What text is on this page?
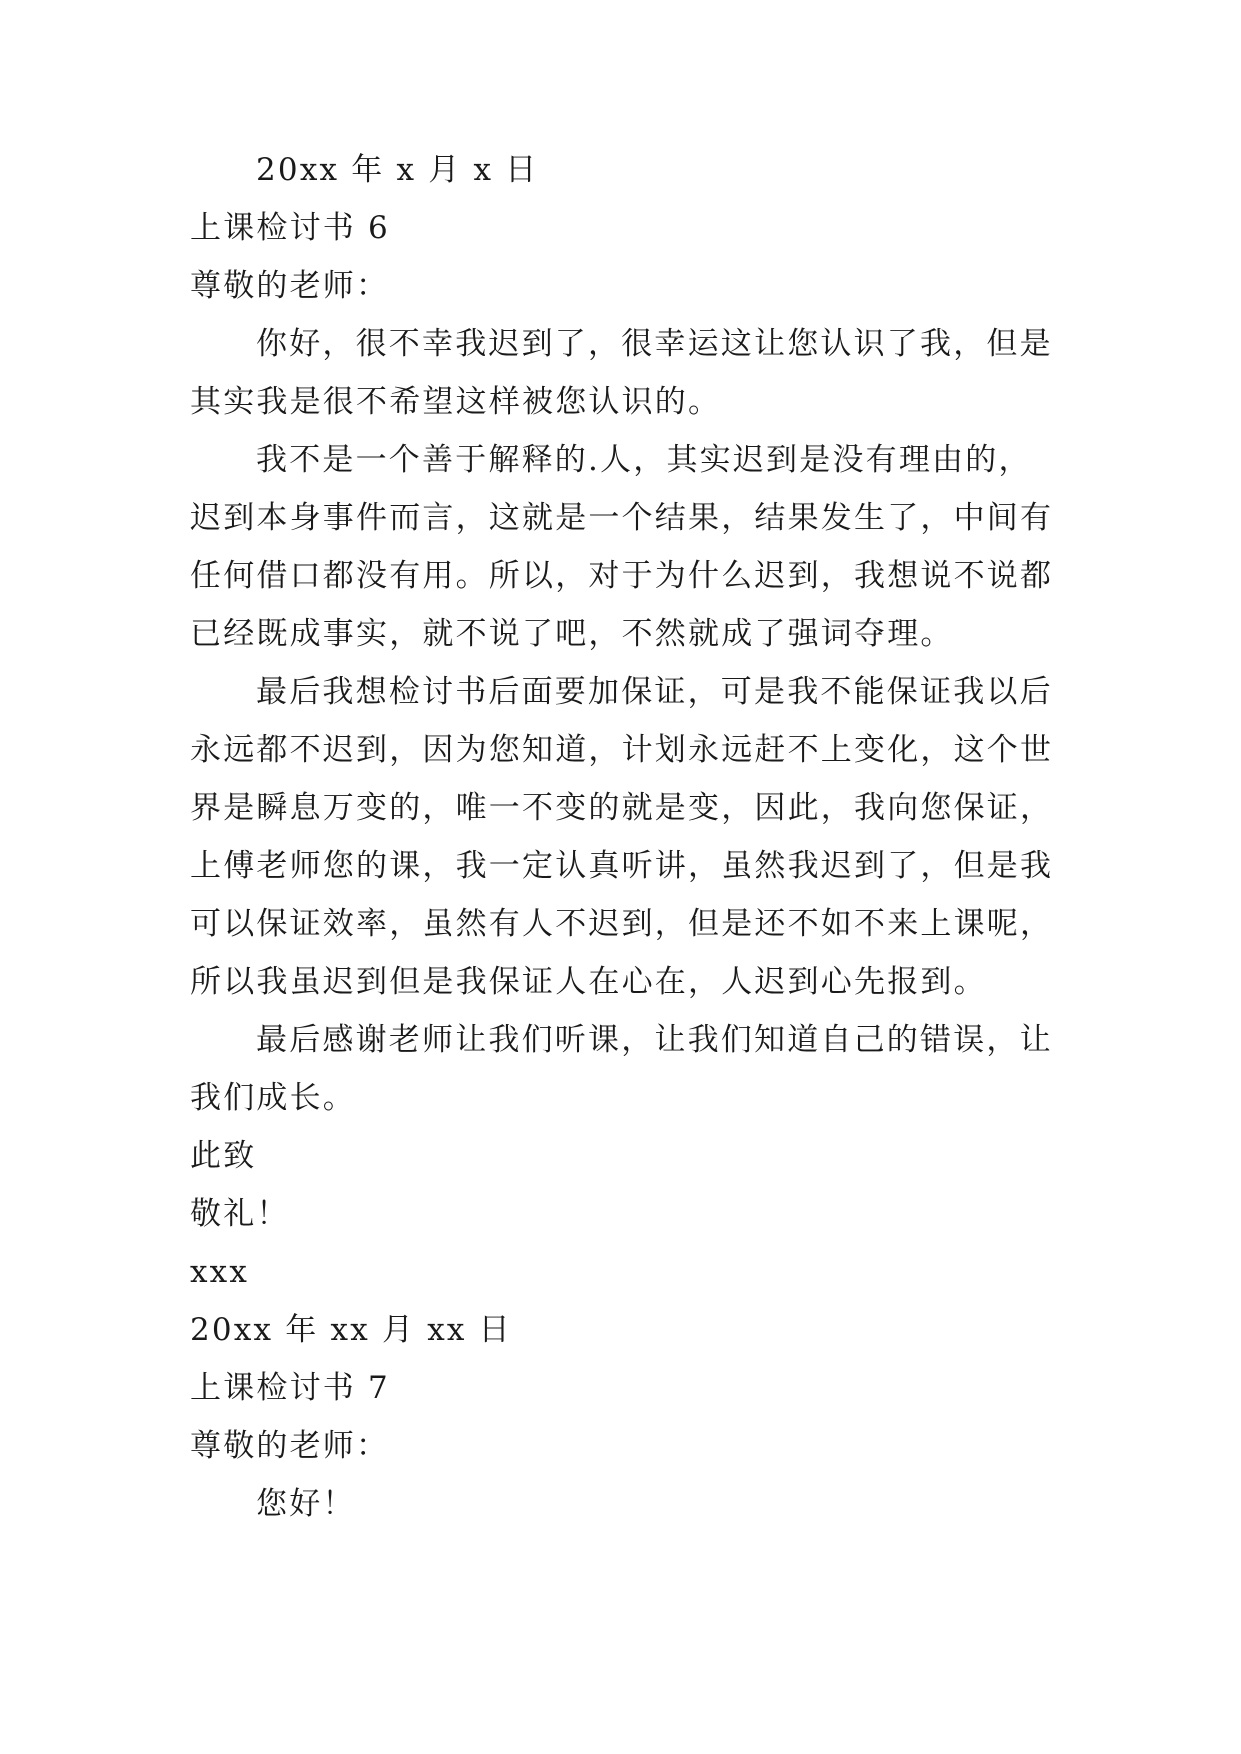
20xx 年 x 月 x 日
上课检讨书 6
尊敬的老师：
你好，很不幸我迟到了，很幸运这让您认识了我，但是
其实我是很不希望这样被您认识的。
我不是一个善于解释的.人，其实迟到是没有理由的，
迟到本身事件而言，这就是一个结果，结果发生了，中间有
任何借口都没有用。所以，对于为什么迟到，我想说不说都
已经既成事实，就不说了吧，不然就成了强词夺理。
最后我想检讨书后面要加保证，可是我不能保证我以后
永远都不迟到，因为您知道，计划永远赶不上变化，这个世
界是瞬息万变的，唯一不变的就是变，因此，我向您保证，
上傅老师您的课，我一定认真听讲，虽然我迟到了，但是我
可以保证效率，虽然有人不迟到，但是还不如不来上课呢，
所以我虽迟到但是我保证人在心在，人迟到心先报到。
最后感谢老师让我们听课，让我们知道自己的错误，让
我们成长。
此致
敬礼！
xxx
20xx 年 xx 月 xx 日
上课检讨书 7
尊敬的老师：
您好！
